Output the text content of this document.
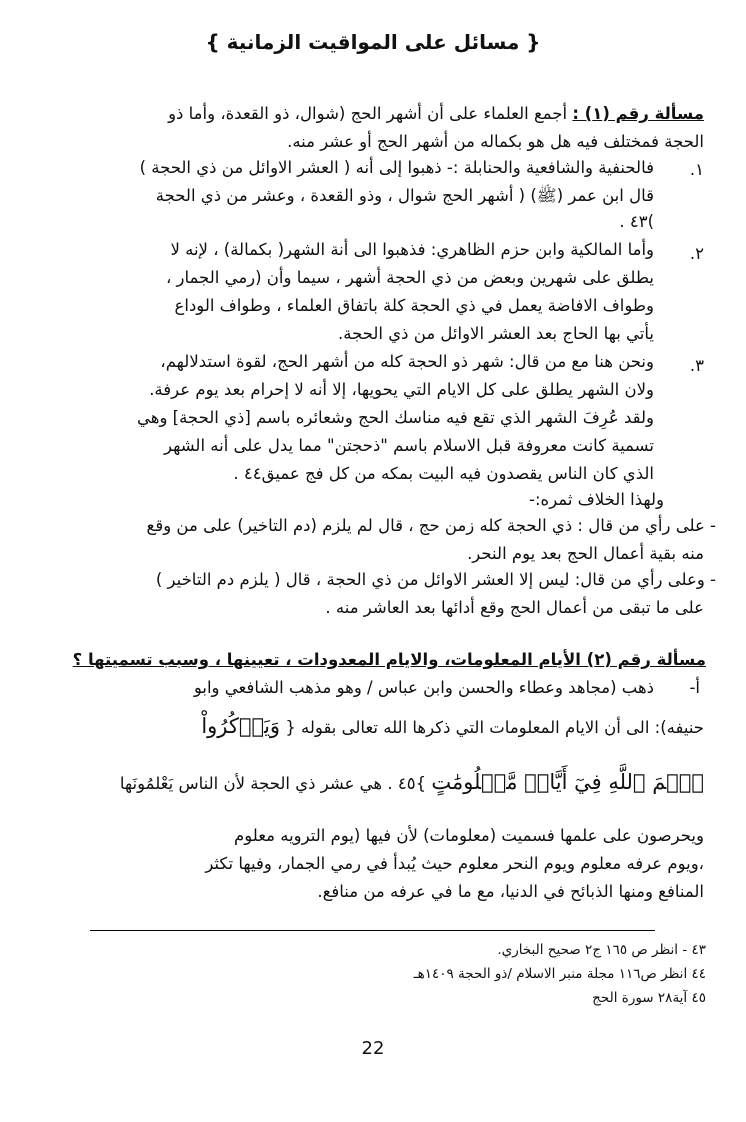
{ مسائل على المواقيت الزمانية }
مسألة رقم (١) : أجمع العلماء على أن أشهر الحج (شوال، ذو القعدة، وأما ذو
الحجة فمختلف فيه هل هو بكماله من أشهر الحج أو عشر منه.
١.
فالحنفية والشافعية والحنابلة :- ذهبوا إلى أنه ( العشر الاوائل من ذي الحجة )
قال ابن عمر (ﷺ) ( أشهر الحج شوال ، وذو القعدة ، وعشر من ذي الحجة
)٤٣ .
٢.
وأما المالكية وابن حزم الظاهري: فذهبوا الى أنة الشهر( بكمالة) ، لإنه لا
يطلق على شهرين وبعض من ذي الحجة أشهر ، سيما وأن (رمي الجمار ،
وطواف الافاضة يعمل في ذي الحجة كلة باتفاق العلماء ، وطواف الوداع
يأتي بها الحاج بعد العشر الاوائل من ذي الحجة.
٣.
ونحن هنا مع من قال: شهر ذو الحجة كله من أشهر الحج، لقوة استدلالهم،
ولان الشهر يطلق على كل الايام التي يحويها، إلا أنه لا إحرام بعد يوم عرفة.
ولقد عُرِفَ الشهر الذي تقع فيه مناسك الحج وشعائره باسم [ذي الحجة] وهي
تسمية كانت معروفة قبل الاسلام باسم "ذحجتن" مما يدل على أنه الشهر
الذي كان الناس يقصدون فيه البيت بمكه من كل فج عميق٤٤ .
ولهذا الخلاف ثمره:-
- على رأي من قال : ذي الحجة كله زمن حج ، قال لم يلزم (دم التاخير) على من وقع
منه بقية أعمال الحج بعد يوم النحر.
- وعلى رأي من قال: ليس إلا العشر الاوائل من ذي الحجة ، قال ( يلزم دم التاخير )
على ما تبقى من أعمال الحج وقع أدائها بعد العاشر منه .
مسألة رقم (٢) الأيام المعلومات، والايام المعدودات ، تعيينها ، وسبب تسميتها ؟
أ-
ذهب (مجاهد وعطاء والحسن وابن عباس / وهو مذهب الشافعي وابو
حنيفه): الى أن الايام المعلومات التي ذكرها الله تعالى بقوله { وَيَذۡكُرُواْ
ٱسۡمَ ٱللَّهِ فِيٓ أَيَّامٖ مَّعۡلُومَٰتٍ }٤٥ . هي عشر ذي الحجة لأن الناس يَعْلمُونَها
ويحرصون على علمها فسميت (معلومات) لأن فيها (يوم الترويه معلوم
،ويوم عرفه معلوم ويوم النحر معلوم حيث يُبدأ في رمي الجمار، وفيها تكثر
المنافع ومنها الذبائح في الدنيا، مع ما في عرفه من منافع.
٤٣ - انظر ص ١٦٥ ج٢ صحيح البخاري.
٤٤ انظر ص١١٦ مجلة منبر الاسلام /ذو الحجة ١٤٠٩هـ
٤٥ آية٢٨ سورة الحج
22
